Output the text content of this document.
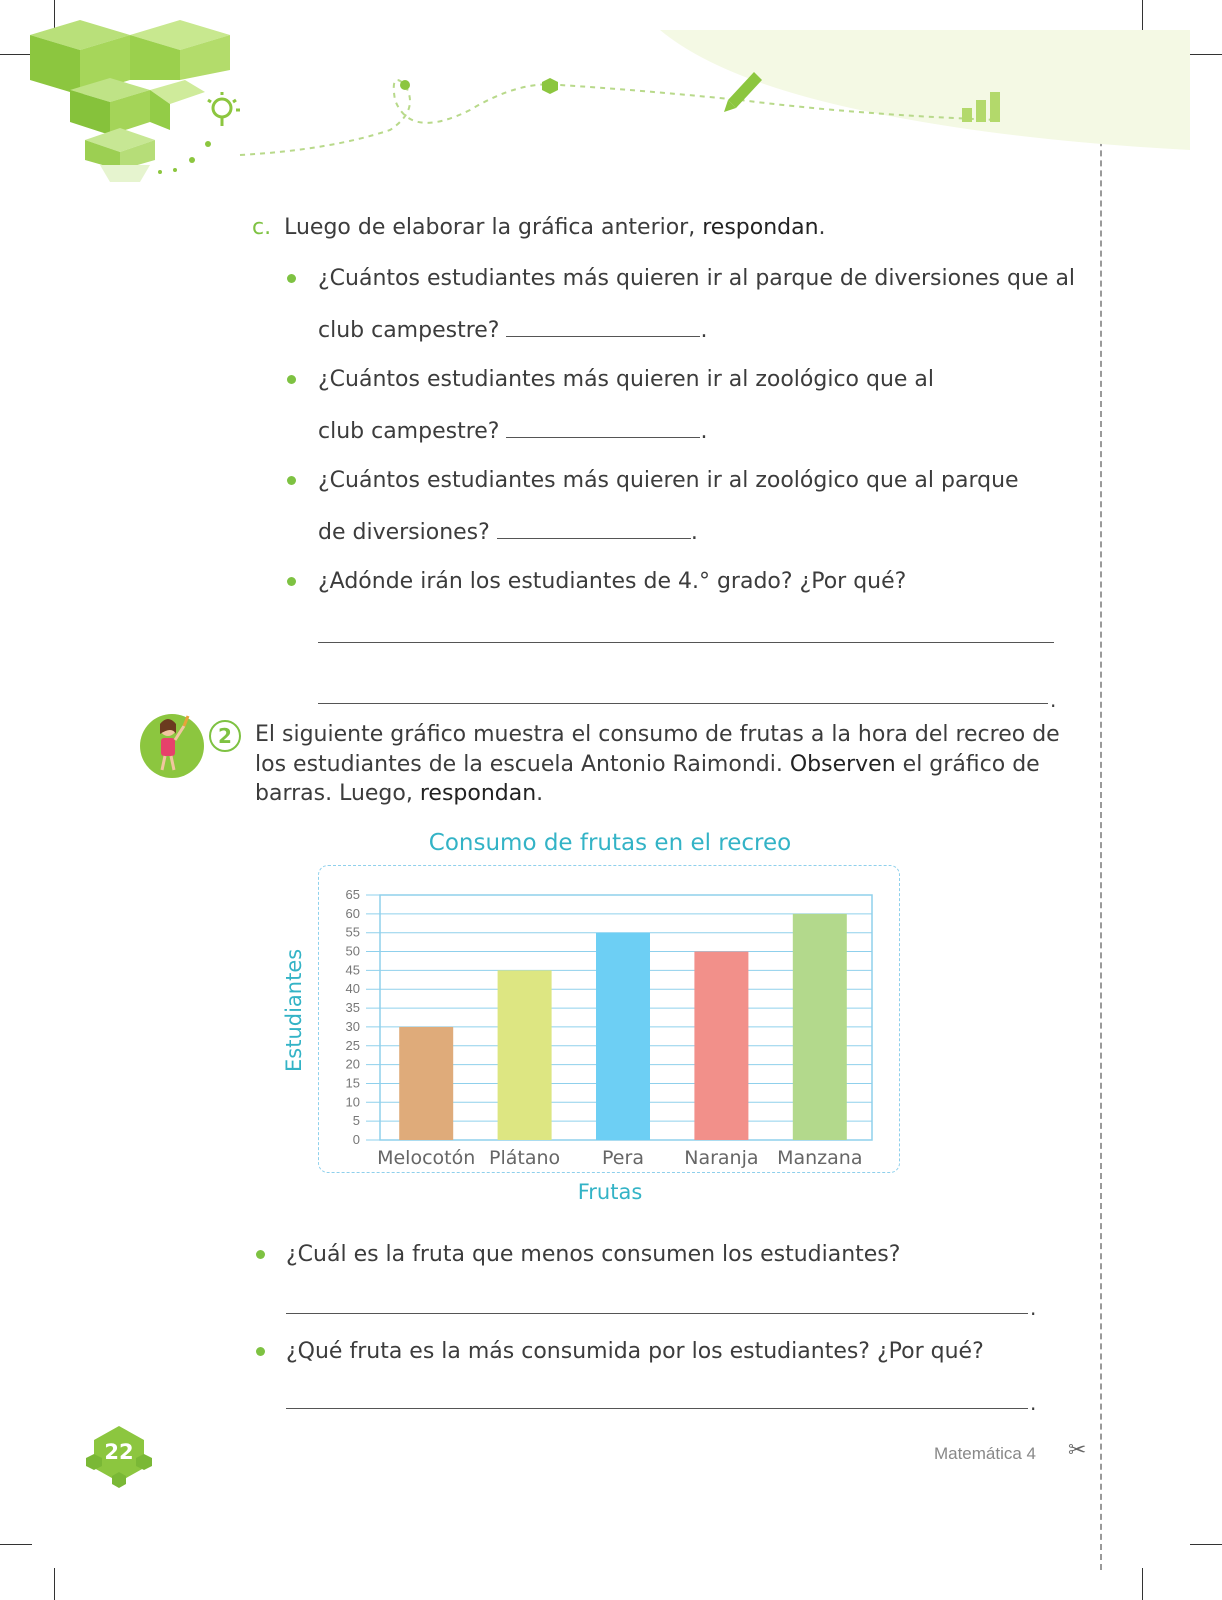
c. Luego de elaborar la gráfica anterior, respondan.
¿Cuántos estudiantes más quieren ir al parque de diversiones que al
club campestre?	.
¿Cuántos estudiantes más quieren ir al zoológico que al
club campestre?	.
¿Cuántos estudiantes más quieren ir al zoológico que al parque
de diversiones?	.
¿Adónde irán los estudiantes de 4.° grado? ¿Por qué?
.
2	El siguiente gráfico muestra el consumo de frutas a la hora del recreo de
los estudiantes de la escuela Antonio Raimondi. Observen el gráfico de
barras. Luego, respondan.
Consumo de frutas en el recreo
0
5
10
15
20
25
30
35
40
45
50
55
60
65
Melocotón Plátano Pera Naranja Manzana
Estudiantes
Frutas
¿Cuál es la fruta que menos consumen los estudiantes?
.
¿Qué fruta es la más consumida por los estudiantes? ¿Por qué?
.
22	Matemática 4 ✂
